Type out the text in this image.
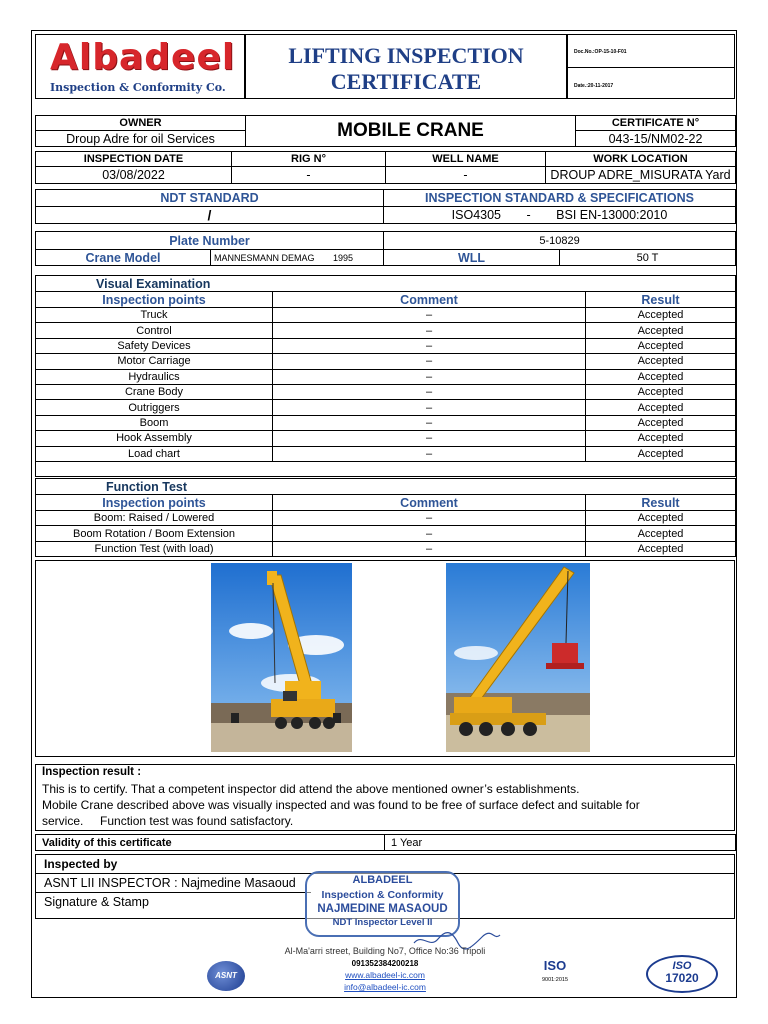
Albadeel
Inspection & Conformity Co.
LIFTING INSPECTION
CERTIFICATE
Doc.No.:OP-15-10-F01
Date.:20-11-2017
OWNER	MOBILE CRANE	CERTIFICATE N°
Droup Adre for oil Services		043-15/NM02-22
INSPECTION DATE	RIG N°	WELL NAME	WORK LOCATION
03/08/2022	-	-	DROUP ADRE_MISURATA Yard
NDT STANDARD	INSPECTION STANDARD & SPECIFICATIONS
/	ISO4305 - BSI EN-13000:2010
Plate Number		5-10829	
Crane Model	MANNESMANN DEMAG 1995	WLL	50 T
Visual Examination		
Inspection points	Comment	Result
Truck	–	Accepted
Control	–	Accepted
Safety Devices	–	Accepted
Motor Carriage	–	Accepted
Hydraulics	–	Accepted
Crane Body	–	Accepted
Outriggers	–	Accepted
Boom	–	Accepted
Hook Assembly	–	Accepted
Load chart	–	Accepted

Function Test		
Inspection points	Comment	Result
Boom: Raised / Lowered	–	Accepted
Boom Rotation / Boom Extension	–	Accepted
Function Test (with load)	–	Accepted
Inspection result :
This is to certify. That a competent inspector did attend the above mentioned owner’s establishments.
Mobile Crane described above was visually inspected and was found to be free of surface defect and suitable for
service.     Function test was found satisfactory.
Validity of this certificate	1 Year
Inspected by
ASNT LII INSPECTOR : Najmedine Masaoud
Signature & Stamp
ALBADEEL
Inspection & Conformity
NAJMEDINE MASAOUD
NDT Inspector Level II
Al-Ma'arri street, Building No7, Office No:36 Tripoli
091352384200218
www.albadeel-ic.com
info@albadeel-ic.com
ASNT
ISO
9001:2015
ISO
17020
